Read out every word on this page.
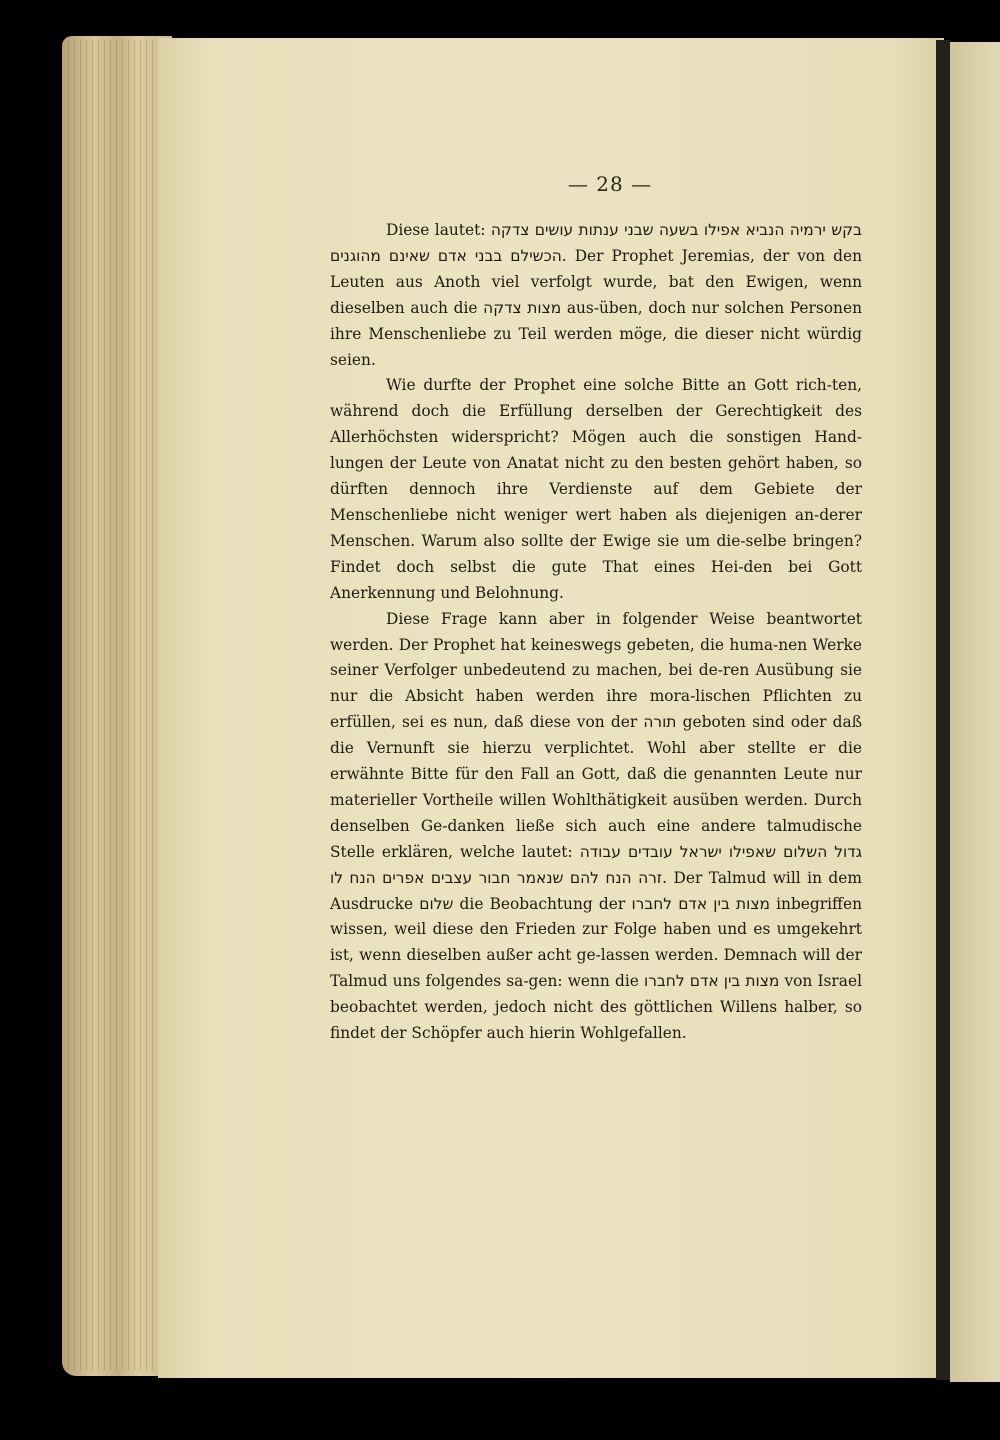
— 28 —

Diese lautet: בקש ירמיה הנביא אפילו בשעה שבני ענתות עושים צדקה הכשילם בבני אדם שאינם מהוגנים. Der Prophet Jeremias, der von den Leuten aus Anoth viel verfolgt wurde, bat den Ewigen, wenn dieselben auch die מצות צדקה aus-üben, doch nur solchen Personen ihre Menschenliebe zu Teil werden möge, die dieser nicht würdig seien.

Wie durfte der Prophet eine solche Bitte an Gott rich-ten, während doch die Erfüllung derselben der Gerechtigkeit des Allerhöchsten widerspricht? Mögen auch die sonstigen Hand-lungen der Leute von Anatat nicht zu den besten gehört haben, so dürften dennoch ihre Verdienste auf dem Gebiete der Menschenliebe nicht weniger wert haben als diejenigen an-derer Menschen. Warum also sollte der Ewige sie um die-selbe bringen? Findet doch selbst die gute That eines Hei-den bei Gott Anerkennung und Belohnung.

Diese Frage kann aber in folgender Weise beantwortet werden. Der Prophet hat keineswegs gebeten, die huma-nen Werke seiner Verfolger unbedeutend zu machen, bei de-ren Ausübung sie nur die Absicht haben werden ihre mora-lischen Pflichten zu erfüllen, sei es nun, daß diese von der תורה geboten sind oder daß die Vernunft sie hierzu verplichtet. Wohl aber stellte er die erwähnte Bitte für den Fall an Gott, daß die genannten Leute nur materieller Vortheile willen Wohlthätigkeit ausüben werden. Durch denselben Ge-danken ließe sich auch eine andere talmudische Stelle erklären, welche lautet: גדול השלום שאפילו ישראל עובדים עבודה זרה הנח להם שנאמר חבור עצבים אפרים הנח לו. Der Talmud will in dem Ausdrucke שלום die Beobachtung der מצות בין אדם לחברו inbegriffen wissen, weil diese den Frieden zur Folge haben und es umgekehrt ist, wenn dieselben außer acht ge-lassen werden. Demnach will der Talmud uns folgendes sa-gen: wenn die מצות בין אדם לחברו von Israel beobachtet werden, jedoch nicht des göttlichen Willens halber, so findet der Schöpfer auch hierin Wohlgefallen.
